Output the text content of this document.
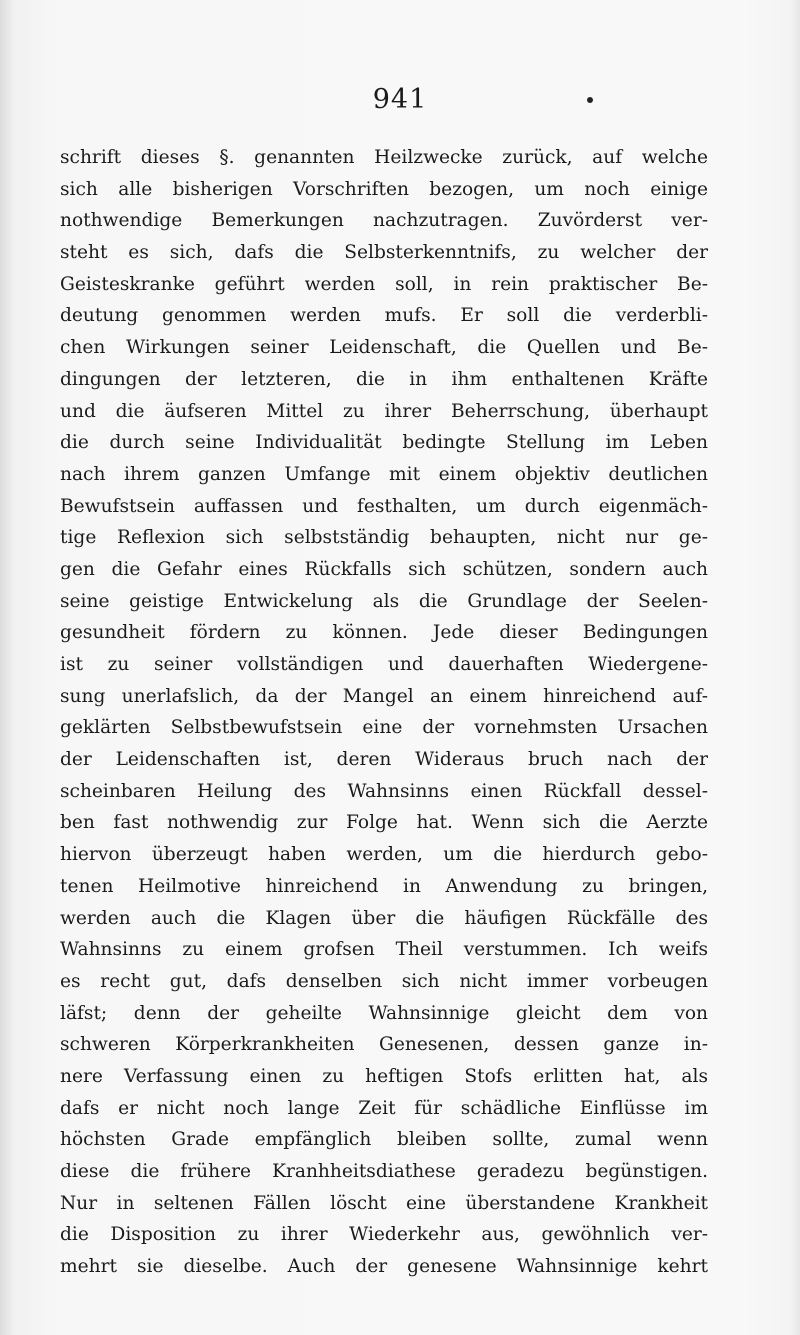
941
schrift dieses §. genannten Heilzwecke zurück, auf welche
sich alle bisherigen Vorschriften bezogen, um noch einige
nothwendige Bemerkungen nachzutragen. Zuvörderst ver-
steht es sich, dafs die Selbsterkenntnifs, zu welcher der
Geisteskranke geführt werden soll, in rein praktischer Be-
deutung genommen werden mufs. Er soll die verderbli-
chen Wirkungen seiner Leidenschaft, die Quellen und Be-
dingungen der letzteren, die in ihm enthaltenen Kräfte
und die äufseren Mittel zu ihrer Beherrschung, überhaupt
die durch seine Individualität bedingte Stellung im Leben
nach ihrem ganzen Umfange mit einem objektiv deutlichen
Bewufstsein auffassen und festhalten, um durch eigenmäch-
tige Reflexion sich selbstständig behaupten, nicht nur ge-
gen die Gefahr eines Rückfalls sich schützen, sondern auch
seine geistige Entwickelung als die Grundlage der Seelen-
gesundheit fördern zu können. Jede dieser Bedingungen
ist zu seiner vollständigen und dauerhaften Wiedergene-
sung unerlafslich, da der Mangel an einem hinreichend auf-
geklärten Selbstbewufstsein eine der vornehmsten Ursachen
der Leidenschaften ist, deren Wideraus bruch nach der
scheinbaren Heilung des Wahnsinns einen Rückfall dessel-
ben fast nothwendig zur Folge hat. Wenn sich die Aerzte
hiervon überzeugt haben werden, um die hierdurch gebo-
tenen Heilmotive hinreichend in Anwendung zu bringen,
werden auch die Klagen über die häufigen Rückfälle des
Wahnsinns zu einem grofsen Theil verstummen. Ich weifs
es recht gut, dafs denselben sich nicht immer vorbeugen
läfst; denn der geheilte Wahnsinnige gleicht dem von
schweren Körperkrankheiten Genesenen, dessen ganze in-
nere Verfassung einen zu heftigen Stofs erlitten hat, als
dafs er nicht noch lange Zeit für schädliche Einflüsse im
höchsten Grade empfänglich bleiben sollte, zumal wenn
diese die frühere Kranhheitsdiathese geradezu begünstigen.
Nur in seltenen Fällen löscht eine überstandene Krankheit
die Disposition zu ihrer Wiederkehr aus, gewöhnlich ver-
mehrt sie dieselbe. Auch der genesene Wahnsinnige kehrt
